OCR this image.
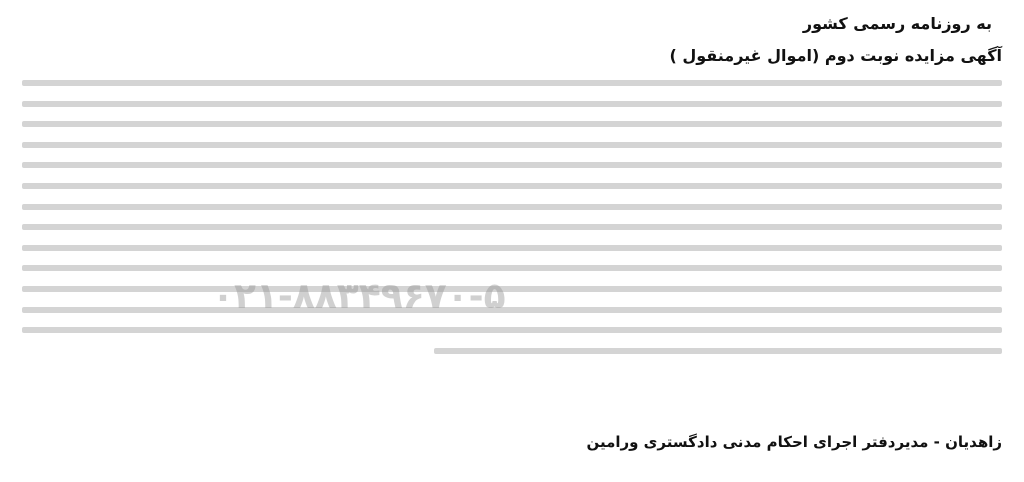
به روزنامه رسمی کشور
آگهی مزایده نوبت دوم (اموال غیرمنقول )
۰۲۱-۸۸۳۴۹۶۷۰-۵
زاهدیان - مدیردفتر اجرای احکام مدنی دادگستری ورامین
